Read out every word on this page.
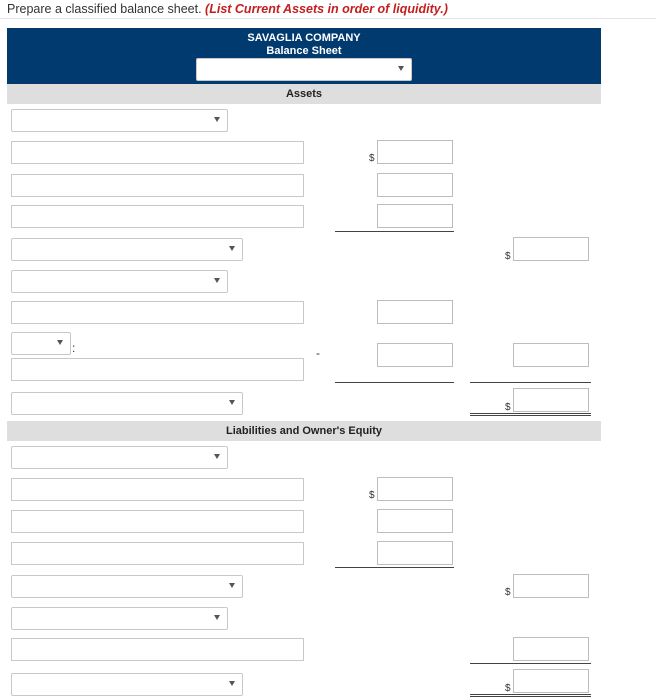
Prepare a classified balance sheet. (List Current Assets in order of liquidity.)
SAVAGLIA COMPANY
Balance Sheet
Assets
$
$
:	-
$
Liabilities and Owner's Equity
$
$
$
